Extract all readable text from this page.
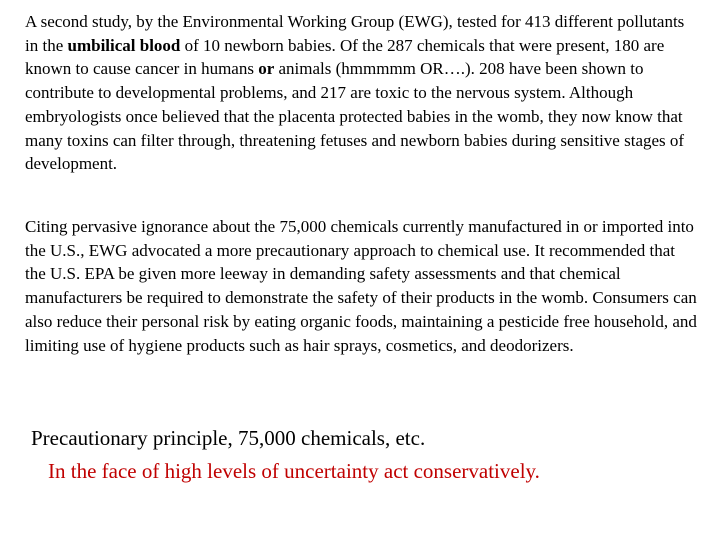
A second study, by the Environmental Working Group (EWG), tested for 413 different pollutants in the umbilical blood of 10 newborn babies. Of the 287 chemicals that were present, 180 are known to cause cancer in humans or animals (hmmmmm OR….). 208 have been shown to contribute to developmental problems, and 217 are toxic to the nervous system. Although embryologists once believed that the placenta protected babies in the womb, they now know that many toxins can filter through, threatening fetuses and newborn babies during sensitive stages of development.

Citing pervasive ignorance about the 75,000 chemicals currently manufactured in or imported into the U.S., EWG advocated a more precautionary approach to chemical use. It recommended that the U.S. EPA be given more leeway in demanding safety assessments and that chemical manufacturers be required to demonstrate the safety of their products in the womb. Consumers can also reduce their personal risk by eating organic foods, maintaining a pesticide free household, and limiting use of hygiene products such as hair sprays, cosmetics, and deodorizers.

Precautionary principle, 75,000 chemicals, etc.

In the face of high levels of uncertainty act conservatively.
